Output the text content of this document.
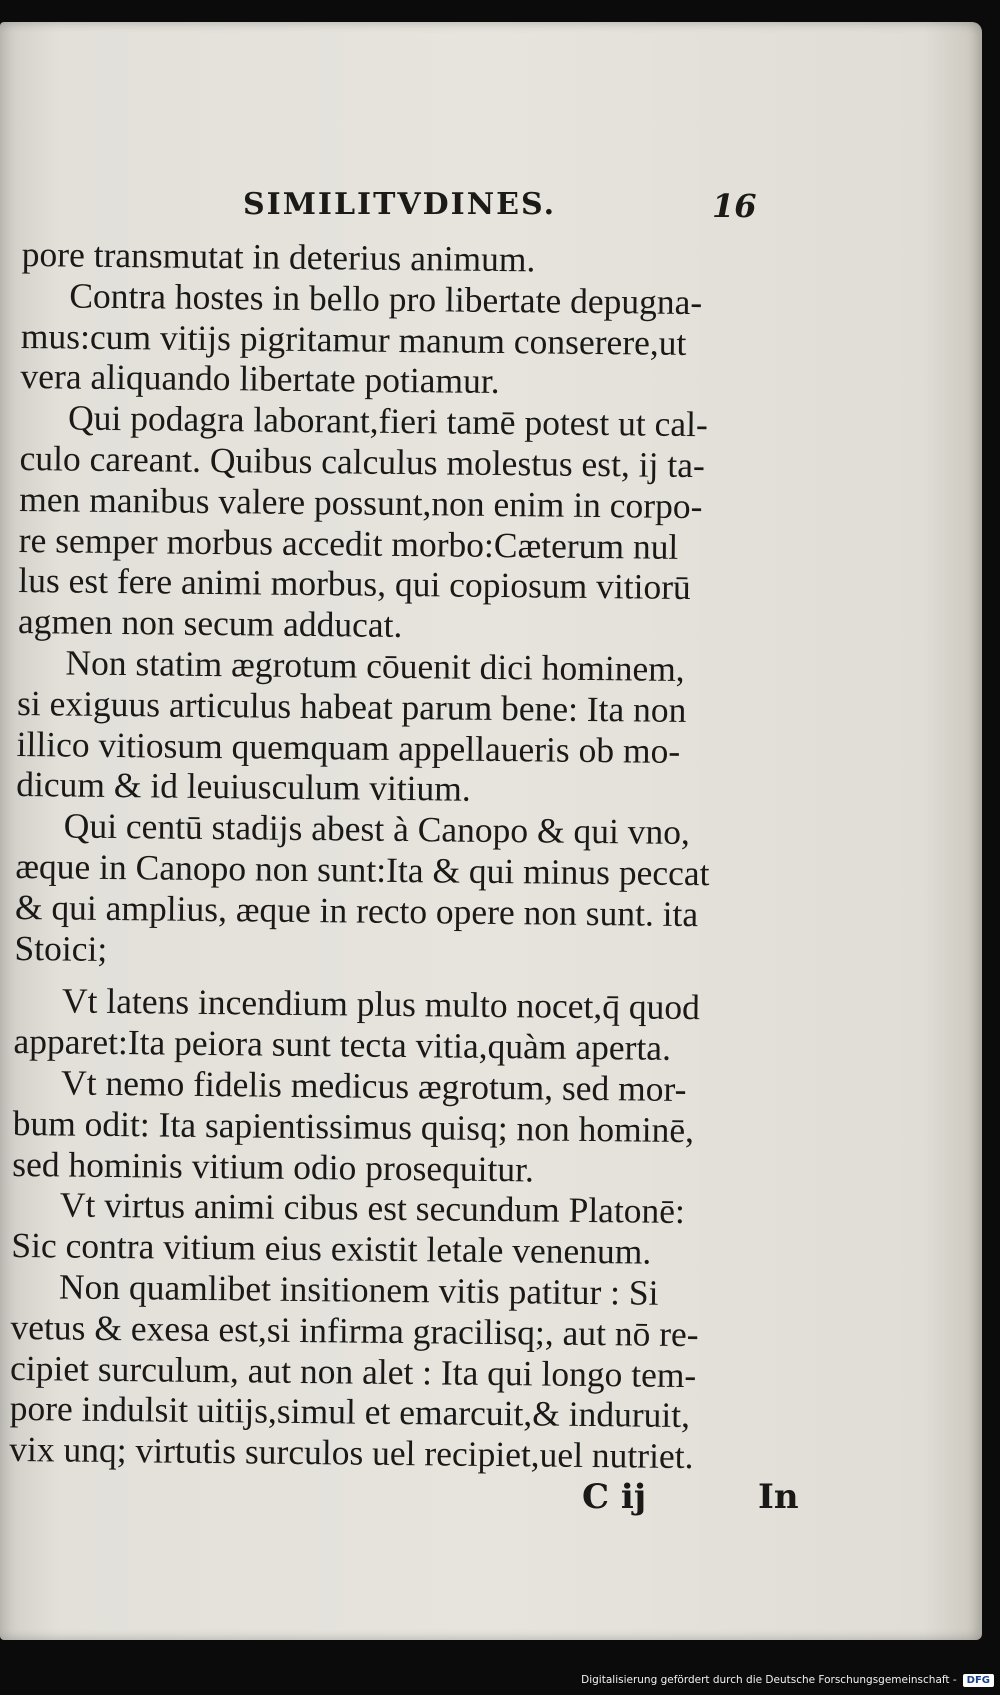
SIMILITVDINES.	16
pore transmutat in deterius animum.
Contra hostes in bello pro libertate depugna-
mus:cum vitijs pigritamur manum conserere,ut
vera aliquando libertate potiamur.
Qui podagra laborant,fieri tamē potest ut cal-
culo careant. Quibus calculus molestus est, ij ta-
men manibus valere possunt,non enim in corpo-
re semper morbus accedit morbo:Cæterum nul
lus est fere animi morbus, qui copiosum vitiorū
agmen non secum adducat.
Non statim ægrotum cōuenit dici hominem,
si exiguus articulus habeat parum bene: Ita non
illico vitiosum quemquam appellaueris ob mo-
dicum & id leuiusculum vitium.
Qui centū stadijs abest à Canopo & qui vno,
æque in Canopo non sunt:Ita & qui minus peccat
& qui amplius, æque in recto opere non sunt. ita
Stoici;
Vt latens incendium plus multo nocet,q̄ quod
apparet:Ita peiora sunt tecta vitia,quàm aperta.
Vt nemo fidelis medicus ægrotum, sed mor-
bum odit: Ita sapientissimus quisq; non hominē,
sed hominis vitium odio prosequitur.
Vt virtus animi cibus est secundum Platonē:
Sic contra vitium eius existit letale venenum.
Non quamlibet insitionem vitis patitur : Si
vetus & exesa est,si infirma gracilisq;, aut nō re-
cipiet surculum, aut non alet : Ita qui longo tem-
pore indulsit uitijs,simul et emarcuit,& induruit,
vix unq; virtutis surculos uel recipiet,uel nutriet.
C ij	In
Digitalisierung gefördert durch die Deutsche Forschungsgemeinschaft -	DFG
